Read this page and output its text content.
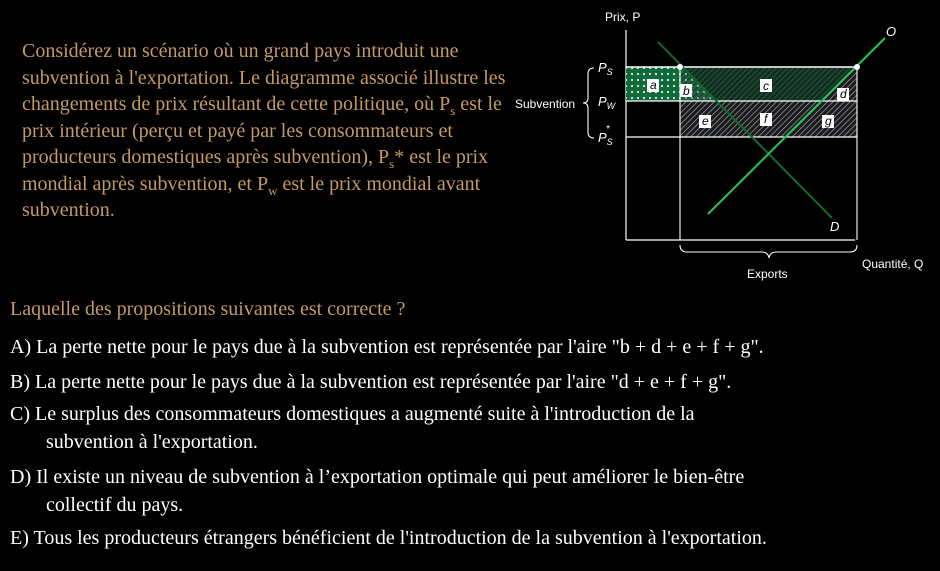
Considérez un scénario où un grand pays introduit une subvention à l'exportation. Le diagramme associé illustre les changements de prix résultant de cette politique, où $P_s$ est le prix intérieur (perçu et payé par les consommateurs et producteurs domestiques après subvention), $P_s*$ est le prix mondial après subvention, et $P_w$ est le prix mondial avant subvention.
Prix, P
Quantité, Q
O
D
a b	c
d
e	f	g
$P_S$
$P_W$
$P_S*$
Subvention
Exports
Laquelle des propositions suivantes est correcte ?
A) La perte nette pour le pays due à la subvention est représentée par l'aire "b + d + e + f + g".
B) La perte nette pour le pays due à la subvention est représentée par l'aire "d + e + f + g".
C) Le surplus des consommateurs domestiques a augmenté suite à l'introduction de la
subvention à l'exportation.
D) Il existe un niveau de subvention à l’exportation optimale qui peut améliorer le bien-être
collectif du pays.
E) Tous les producteurs étrangers bénéficient de l'introduction de la subvention à l'exportation.
